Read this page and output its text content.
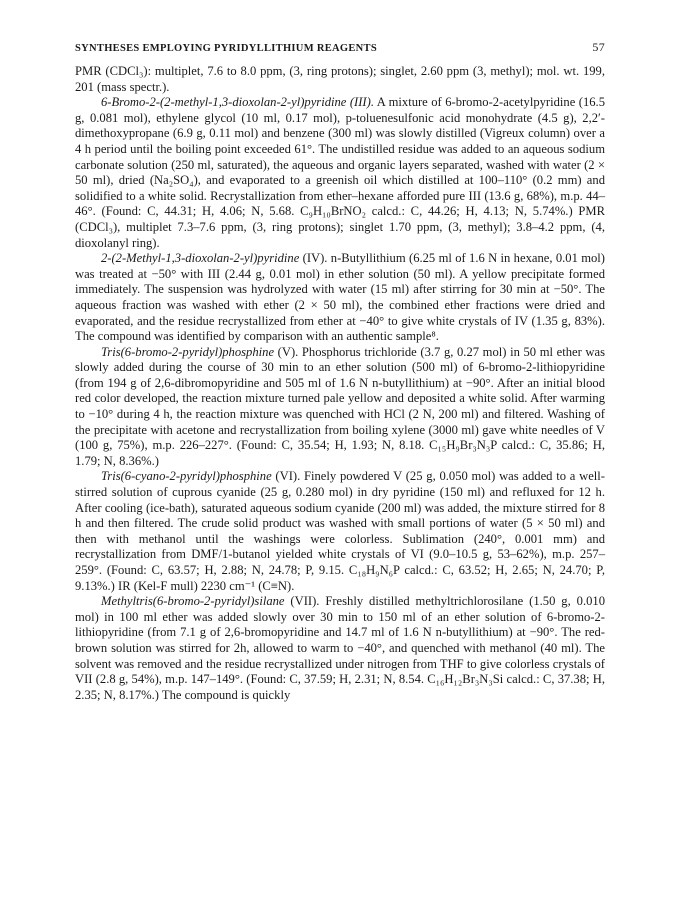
SYNTHESES EMPLOYING PYRIDYLLITHIUM REAGENTS	57

PMR (CDCl₃): multiplet, 7.6 to 8.0 ppm, (3, ring protons); singlet, 2.60 ppm (3, methyl); mol. wt. 199, 201 (mass spectr.).

6-Bromo-2-(2-methyl-1,3-dioxolan-2-yl)pyridine (III). A mixture of 6-bromo-2-acetylpyridine (16.5 g, 0.081 mol), ethylene glycol (10 ml, 0.17 mol), p-toluenesulfonic acid monohydrate (4.5 g), 2,2′-dimethoxypropane (6.9 g, 0.11 mol) and benzene (300 ml) was slowly distilled (Vigreux column) over a 4 h period until the boiling point exceeded 61°. The undistilled residue was added to an aqueous sodium carbonate solution (250 ml, saturated), the aqueous and organic layers separated, washed with water (2 × 50 ml), dried (Na₂SO₄), and evaporated to a greenish oil which distilled at 100–110° (0.2 mm) and solidified to a white solid. Recrystallization from ether–hexane afforded pure III (13.6 g, 68%), m.p. 44–46°. (Found: C, 44.31; H, 4.06; N, 5.68. C₉H₁₀BrNO₂ calcd.: C, 44.26; H, 4.13; N, 5.74%.) PMR (CDCl₃), multiplet 7.3–7.6 ppm, (3, ring protons); singlet 1.70 ppm, (3, methyl); 3.8–4.2 ppm, (4, dioxolanyl ring).

2-(2-Methyl-1,3-dioxolan-2-yl)pyridine (IV). n-Butyllithium (6.25 ml of 1.6 N in hexane, 0.01 mol) was treated at −50° with III (2.44 g, 0.01 mol) in ether solution (50 ml). A yellow precipitate formed immediately. The suspension was hydrolyzed with water (15 ml) after stirring for 30 min at −50°. The aqueous fraction was washed with ether (2 × 50 ml), the combined ether fractions were dried and evaporated, and the residue recrystallized from ether at −40° to give white crystals of IV (1.35 g, 83%). The compound was identified by comparison with an authentic sample⁸.

Tris(6-bromo-2-pyridyl)phosphine (V). Phosphorus trichloride (3.7 g, 0.27 mol) in 50 ml ether was slowly added during the course of 30 min to an ether solution (500 ml) of 6-bromo-2-lithiopyridine (from 194 g of 2,6-dibromopyridine and 505 ml of 1.6 N n-butyllithium) at −90°. After an initial blood red color developed, the reaction mixture turned pale yellow and deposited a white solid. After warming to −10° during 4 h, the reaction mixture was quenched with HCl (2 N, 200 ml) and filtered. Washing of the precipitate with acetone and recrystallization from boiling xylene (3000 ml) gave white needles of V (100 g, 75%), m.p. 226–227°. (Found: C, 35.54; H, 1.93; N, 8.18. C₁₅H₉Br₃N₃P calcd.: C, 35.86; H, 1.79; N, 8.36%.)

Tris(6-cyano-2-pyridyl)phosphine (VI). Finely powdered V (25 g, 0.050 mol) was added to a well-stirred solution of cuprous cyanide (25 g, 0.280 mol) in dry pyridine (150 ml) and refluxed for 12 h. After cooling (ice-bath), saturated aqueous sodium cyanide (200 ml) was added, the mixture stirred for 8 h and then filtered. The crude solid product was washed with small portions of water (5 × 50 ml) and then with methanol until the washings were colorless. Sublimation (240°, 0.001 mm) and recrystallization from DMF/1-butanol yielded white crystals of VI (9.0–10.5 g, 53–62%), m.p. 257–259°. (Found: C, 63.57; H, 2.88; N, 24.78; P, 9.15. C₁₈H₉N₆P calcd.: C, 63.52; H, 2.65; N, 24.70; P, 9.13%.) IR (Kel-F mull) 2230 cm⁻¹ (C≡N).

Methyltris(6-bromo-2-pyridyl)silane (VII). Freshly distilled methyltrichlorosilane (1.50 g, 0.010 mol) in 100 ml ether was added slowly over 30 min to 150 ml of an ether solution of 6-bromo-2-lithiopyridine (from 7.1 g of 2,6-bromopyridine and 14.7 ml of 1.6 N n-butyllithium) at −90°. The red-brown solution was stirred for 2h, allowed to warm to −40°, and quenched with methanol (40 ml). The solvent was removed and the residue recrystallized under nitrogen from THF to give colorless crystals of VII (2.8 g, 54%), m.p. 147–149°. (Found: C, 37.59; H, 2.31; N, 8.54. C₁₆H₁₂Br₃N₃Si calcd.: C, 37.38; H, 2.35; N, 8.17%.) The compound is quickly
